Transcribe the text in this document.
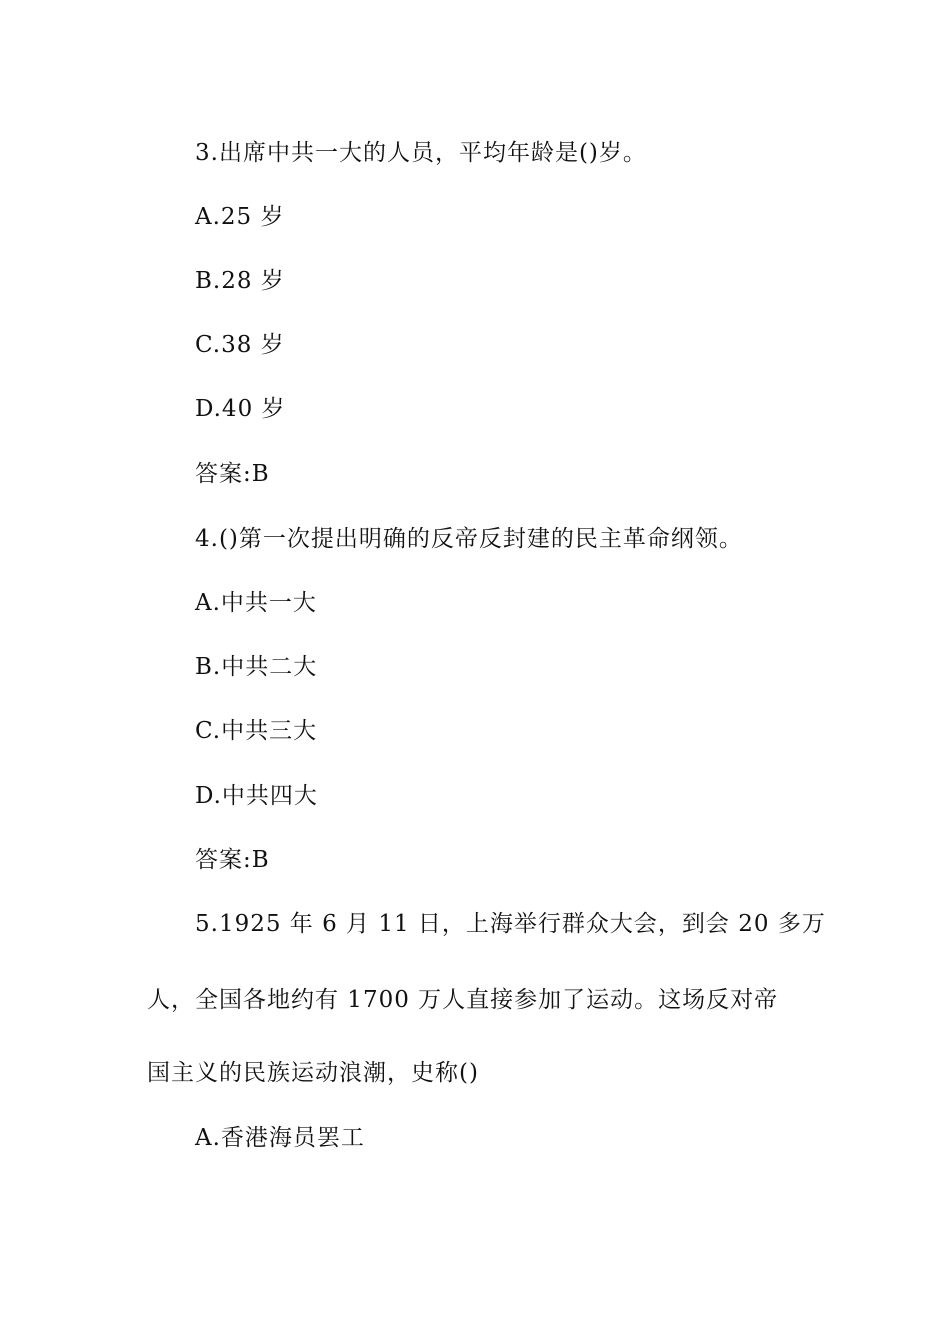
3.出席中共一大的人员，平均年龄是()岁。
A.25 岁
B.28 岁
C.38 岁
D.40 岁
答案:B
4.()第一次提出明确的反帝反封建的民主革命纲领。
A.中共一大
B.中共二大
C.中共三大
D.中共四大
答案:B
5.1925 年 6 月 11 日，上海举行群众大会，到会 20 多万
人，全国各地约有 1700 万人直接参加了运动。这场反对帝
国主义的民族运动浪潮，史称()
A.香港海员罢工
